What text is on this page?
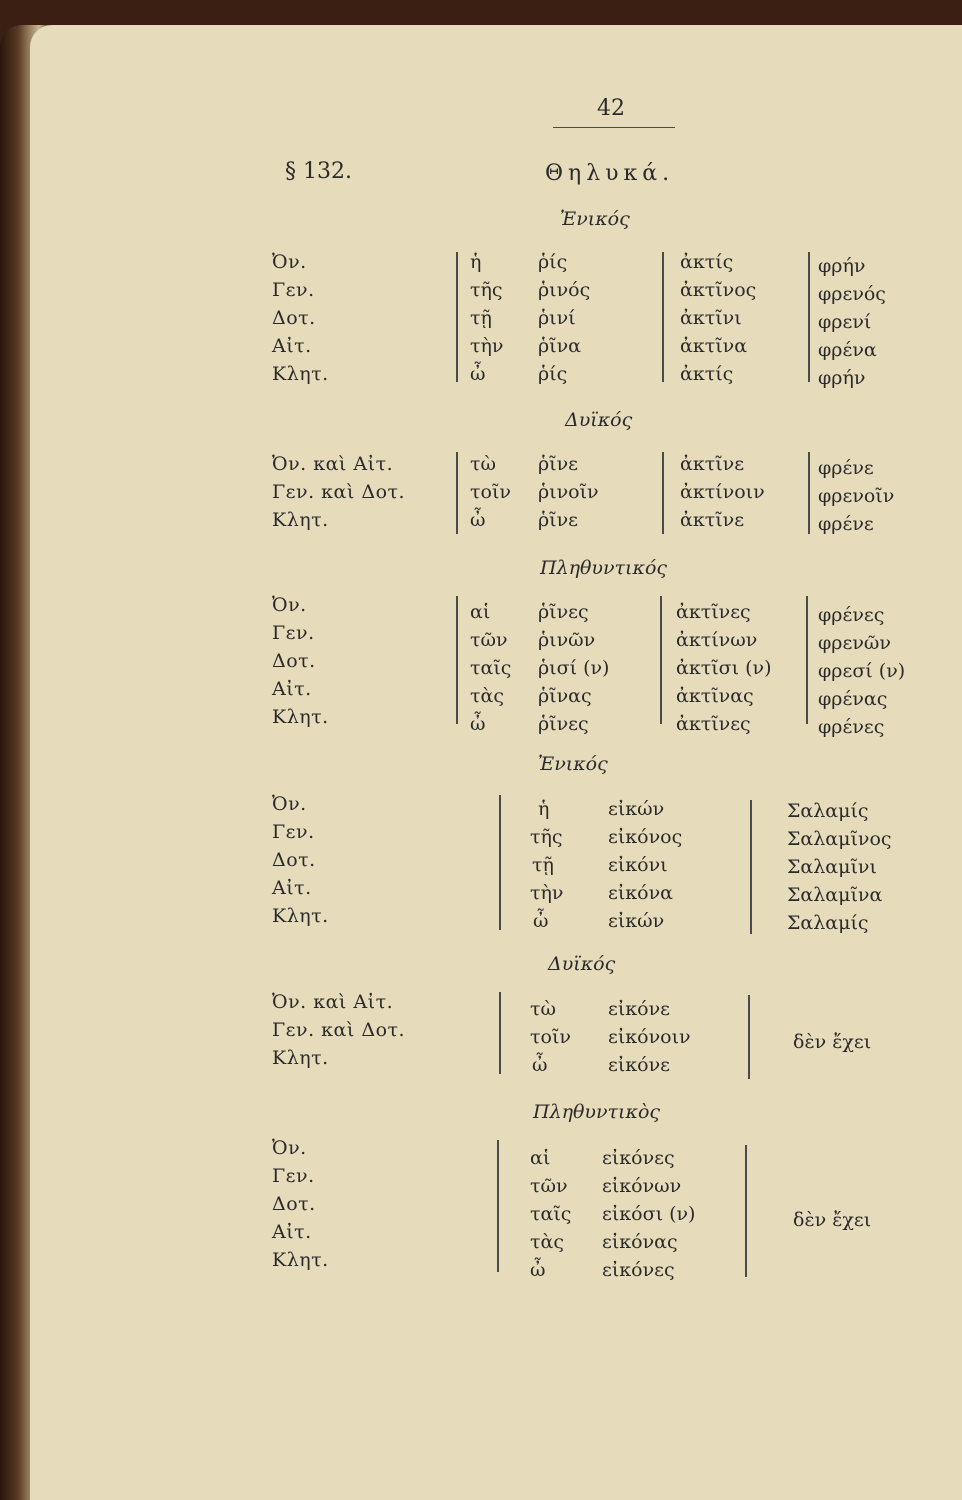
42
§ 132.	Θηλυκά.
Ἐνικός
Ὀν.
Γεν.
Δοτ.
Αἰτ.
Κλητ.
ἡ
τῆς
τῇ
τὴν
ὦ
ῥίς
ῥινός
ῥινί
ῥῖνα
ῥίς
ἀκτίς
ἀκτῖνος
ἀκτῖνι
ἀκτῖνα
ἀκτίς
φρήν
φρενός
φρενί
φρένα
φρήν
Δυϊκός
Ὀν. καὶ Αἰτ.
Γεν. καὶ Δοτ.
Κλητ.
τὼ
τοῖν
ὦ
ῥῖνε
ῥινοῖν
ῥῖνε
ἀκτῖνε
ἀκτίνοιν
ἀκτῖνε
φρένε
φρενοῖν
φρένε
Πληθυντικός
Ὀν.
Γεν.
Δοτ.
Αἰτ.
Κλητ.
αἱ
τῶν
ταῖς
τὰς
ὦ
ῥῖνες
ῥινῶν
ῥισί (ν)
ῥῖνας
ῥῖνες
ἀκτῖνες
ἀκτίνων
ἀκτῖσι (ν)
ἀκτῖνας
ἀκτῖνες
φρένες
φρενῶν
φρεσί (ν)
φρένας
φρένες
Ἐνικός
Ὀν.
Γεν.
Δοτ.
Αἰτ.
Κλητ.
ἡ
τῆς
τῇ
τὴν
ὦ
εἰκών
εἰκόνος
εἰκόνι
εἰκόνα
εἰκών
Σαλαμίς
Σαλαμῖνος
Σαλαμῖνι
Σαλαμῖνα
Σαλαμίς
Δυϊκός
Ὀν. καὶ Αἰτ.
Γεν. καὶ Δοτ.
Κλητ.
τὼ
τοῖν
ὦ
εἰκόνε
εἰκόνοιν
εἰκόνε
δὲν ἔχει
Πληθυντικὸς
Ὀν.
Γεν.
Δοτ.
Αἰτ.
Κλητ.
αἱ
τῶν
ταῖς
τὰς
ὦ
εἰκόνες
εἰκόνων
εἰκόσι (ν)
εἰκόνας
εἰκόνες
δὲν ἔχει
